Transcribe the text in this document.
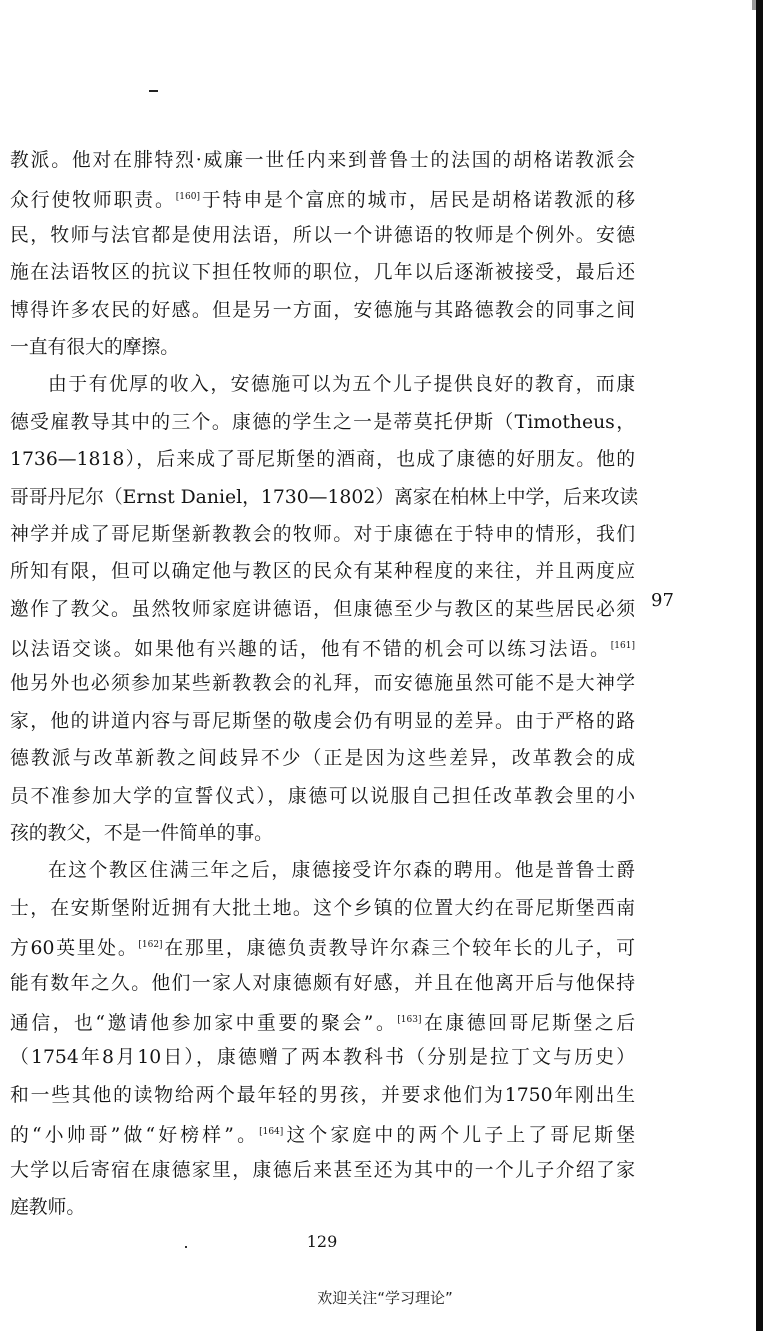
教派。他对在腓特烈·威廉一世任内来到普鲁士的法国的胡格诺教派会
众行使牧师职责。[160]于特申是个富庶的城市，居民是胡格诺教派的移
民，牧师与法官都是使用法语，所以一个讲德语的牧师是个例外。安德
施在法语牧区的抗议下担任牧师的职位，几年以后逐渐被接受，最后还
博得许多农民的好感。但是另一方面，安德施与其路德教会的同事之间
一直有很大的摩擦。
由于有优厚的收入，安德施可以为五个儿子提供良好的教育，而康
德受雇教导其中的三个。康德的学生之一是蒂莫托伊斯（Timotheus，
1736—1818），后来成了哥尼斯堡的酒商，也成了康德的好朋友。他的
哥哥丹尼尔（Ernst Daniel，1730—1802）离家在柏林上中学，后来攻读
神学并成了哥尼斯堡新教教会的牧师。对于康德在于特申的情形，我们
所知有限，但可以确定他与教区的民众有某种程度的来往，并且两度应
邀作了教父。虽然牧师家庭讲德语，但康德至少与教区的某些居民必须
以法语交谈。如果他有兴趣的话，他有不错的机会可以练习法语。[161]
他另外也必须参加某些新教教会的礼拜，而安德施虽然可能不是大神学
家，他的讲道内容与哥尼斯堡的敬虔会仍有明显的差异。由于严格的路
德教派与改革新教之间歧异不少（正是因为这些差异，改革教会的成
员不准参加大学的宣誓仪式），康德可以说服自己担任改革教会里的小
孩的教父，不是一件简单的事。
在这个教区住满三年之后，康德接受许尔森的聘用。他是普鲁士爵
士，在安斯堡附近拥有大批土地。这个乡镇的位置大约在哥尼斯堡西南
方60英里处。[162]在那里，康德负责教导许尔森三个较年长的儿子，可
能有数年之久。他们一家人对康德颇有好感，并且在他离开后与他保持
通信，也“邀请他参加家中重要的聚会”。[163]在康德回哥尼斯堡之后
（1754年8月10日），康德赠了两本教科书（分别是拉丁文与历史）
和一些其他的读物给两个最年轻的男孩，并要求他们为1750年刚出生
的“小帅哥”做“好榜样”。[164]这个家庭中的两个儿子上了哥尼斯堡
大学以后寄宿在康德家里，康德后来甚至还为其中的一个儿子介绍了家
庭教师。
97
129
欢迎关注“学习理论”
